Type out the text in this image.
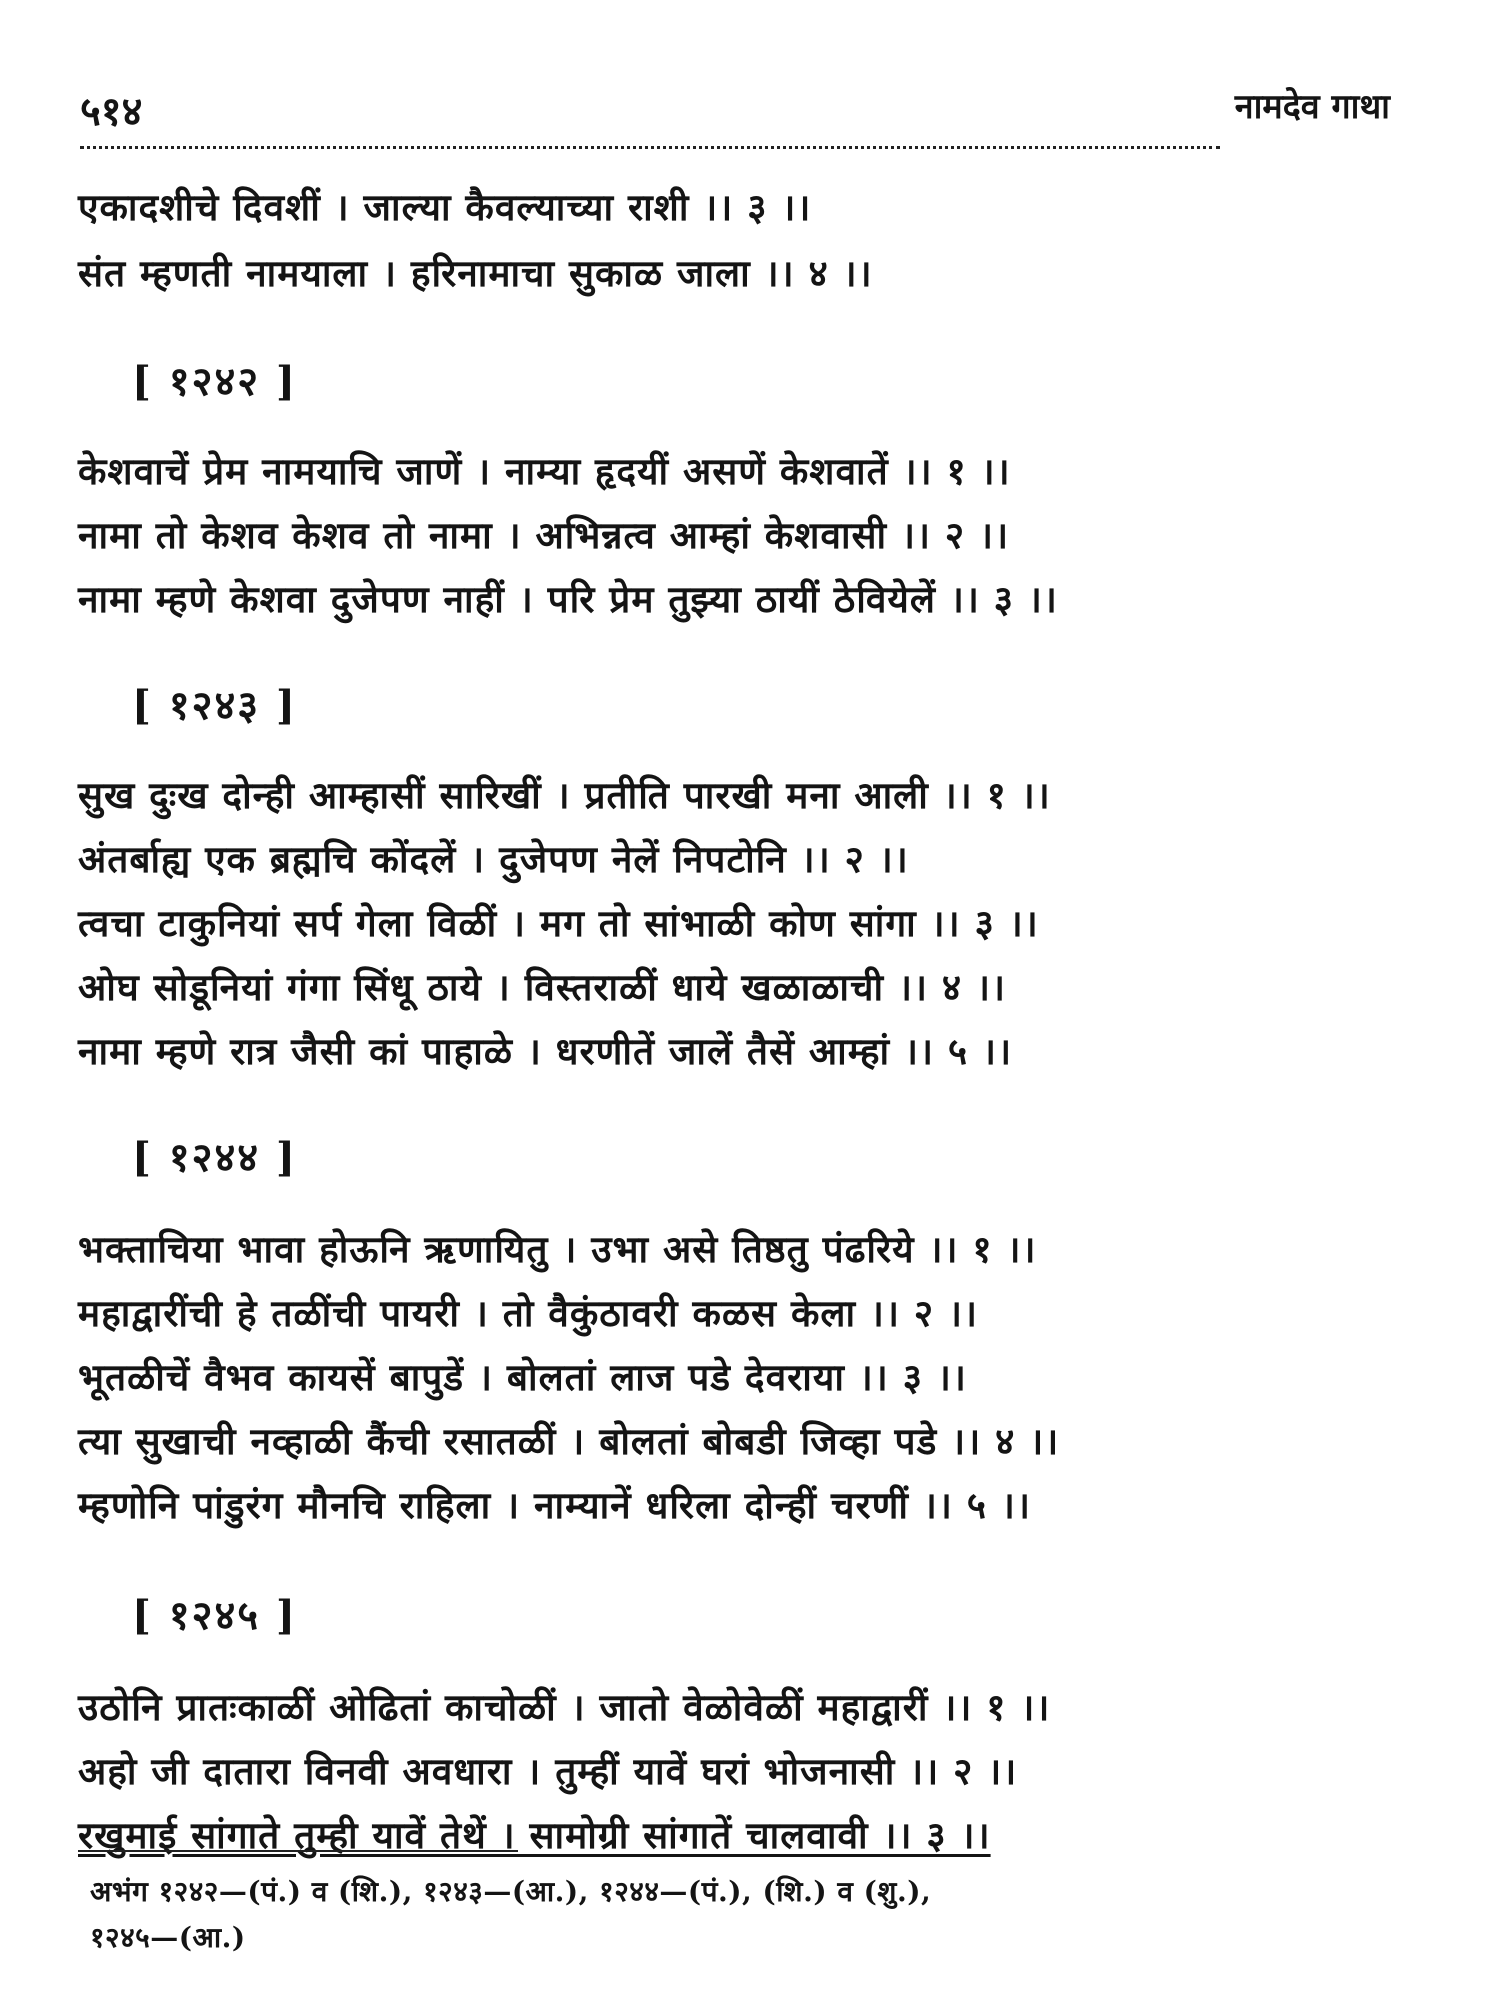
५१४	नामदेव गाथा
एकादशीचे दिवशीं । जाल्या कैवल्याच्या राशी ।। ३ ।।
संत म्हणती नामयाला । हरिनामाचा सुकाळ जाला ।। ४ ।।
[ १२४२ ]
केशवाचें प्रेम नामयाचि जाणें । नाम्या हृदयीं असणें केशवातें ।। १ ।।
नामा तो केशव केशव तो नामा । अभिन्नत्व आम्हां केशवासी ।। २ ।।
नामा म्हणे केशवा दुजेपण नाहीं । परि प्रेम तुझ्या ठायीं ठेवियेलें ।। ३ ।।
[ १२४३ ]
सुख दुःख दोन्ही आम्हासीं सारिखीं । प्रतीति पारखी मना आली ।। १ ।।
अंतर्बाह्य एक ब्रह्मचि कोंदलें । दुजेपण नेलें निपटोनि ।। २ ।।
त्वचा टाकुनियां सर्प गेला विळीं । मग तो सांभाळी कोण सांगा ।। ३ ।।
ओघ सोडूनियां गंगा सिंधू ठाये । विस्तराळीं धाये खळाळाची ।। ४ ।।
नामा म्हणे रात्र जैसी कां पाहाळे । धरणीतें जालें तैसें आम्हां ।। ५ ।।
[ १२४४ ]
भक्ताचिया भावा होऊनि ऋणायितु । उभा असे तिष्ठतु पंढरिये ।। १ ।।
महाद्वारींची हे तळींची पायरी । तो वैकुंठावरी कळस केला ।। २ ।।
भूतळीचें वैभव कायसें बापुडें । बोलतां लाज पडे देवराया ।। ३ ।।
त्या सुखाची नव्हाळी कैंची रसातळीं । बोलतां बोबडी जिव्हा पडे ।। ४ ।।
म्हणोनि पांडुरंग मौनचि राहिला । नाम्यानें धरिला दोन्हीं चरणीं ।। ५ ।।
[ १२४५ ]
उठोनि प्रातःकाळीं ओढितां काचोळीं । जातो वेळोवेळीं महाद्वारीं ।। १ ।।
अहो जी दातारा विनवी अवधारा । तुम्हीं यावें घरां भोजनासी ।। २ ।।
रखुमाई सांगाते तुम्ही यावें तेथें । सामोग्री सांगातें चालवावी ।। ३ ।।
अभंग १२४२—(पं.) व (शि.), १२४३—(आ.), १२४४—(पं.), (शि.) व (शु.),
१२४५—(आ.)
